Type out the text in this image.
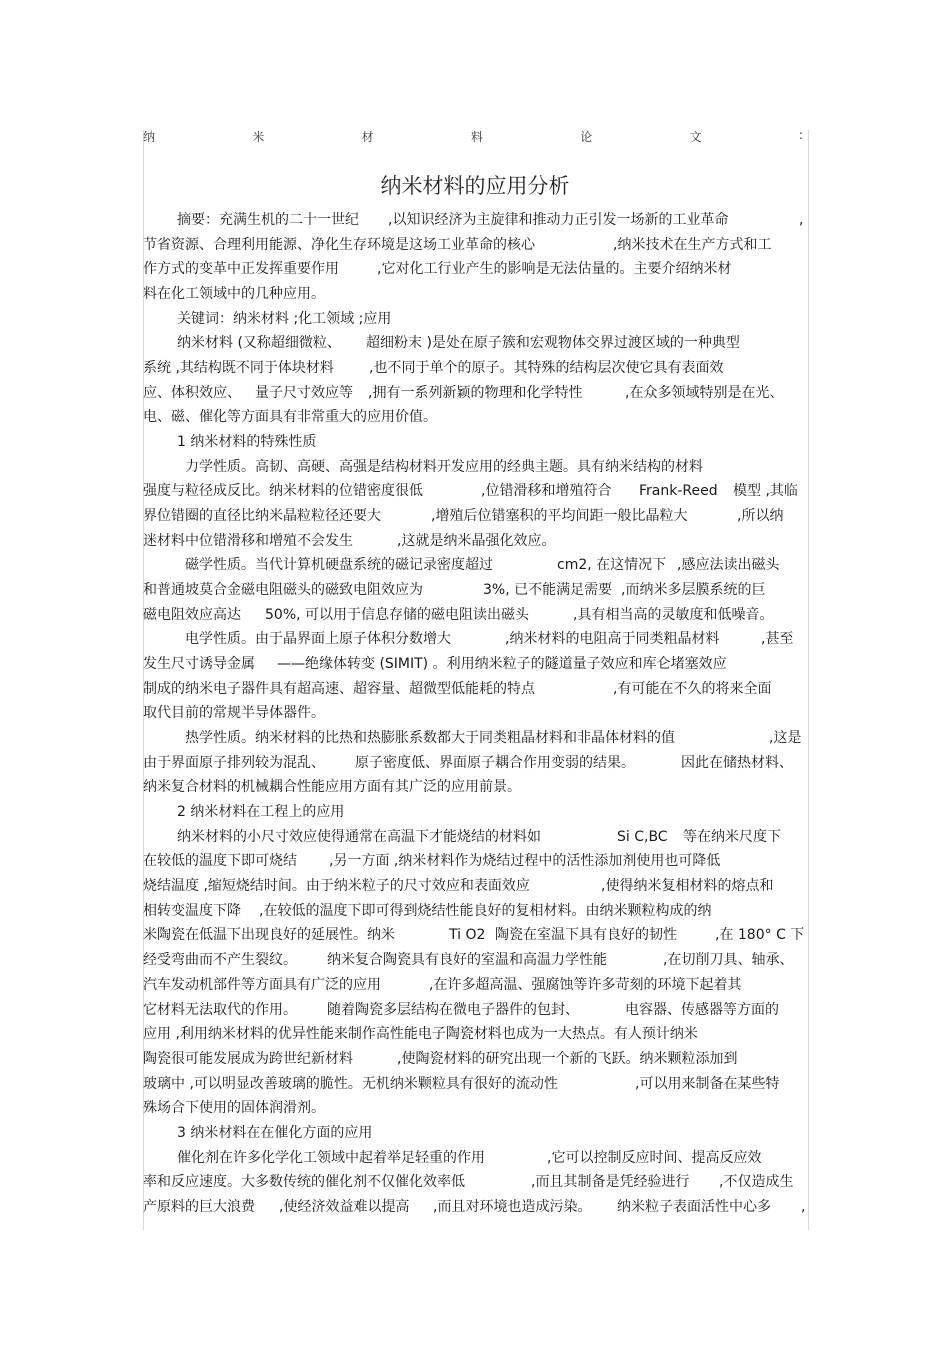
纳	米	材	料	论	文	:
纳米材料的应用分析
摘要：充满生机的二十一世纪 ,以知识经济为主旋律和推动力正引发一场新的工业革命	,
节省资源、合理利用能源、净化生存环境是这场工业革命的核心	,纳米技术在生产方式和工
作方式的变革中正发挥重要作用	,它对化工行业产生的影响是无法估量的。主要介绍纳米材
料在化工领域中的几种应用。
关键词：纳米材料 ;化工领域 ;应用
纳米材料 (又称超细微粒、 超细粉末 )是处在原子簇和宏观物体交界过渡区域的一种典型
系统 ,其结构既不同于体块材料	,也不同于单个的原子。其特殊的结构层次使它具有表面效
应、体积效应、 量子尺寸效应等 ,拥有一系列新颖的物理和化学特性	,在众多领域特别是在光、
电、磁、催化等方面具有非常重大的应用价值。
1 纳米材料的特殊性质
力学性质。高韧、高硬、高强是结构材料开发应用的经典主题。具有纳米结构的材料
强度与粒径成反比。纳米材料的位错密度很低	,位错滑移和增殖符合 Frank-Reed 模型 ,其临
界位错圈的直径比纳米晶粒粒径还要大	,增殖后位错塞积的平均间距一般比晶粒大	,所以纳
迷材料中位错滑移和增殖不会发生	,这就是纳米晶强化效应。
磁学性质。当代计算机硬盘系统的磁记录密度超过	cm2, 在这情况下 ,感应法读出磁头
和普通坡莫合金磁电阻磁头的磁致电阻效应为	3%, 已不能满足需要 ,而纳米多层膜系统的巨
磁电阻效应高达 50%, 可以用于信息存储的磁电阻读出磁头	,具有相当高的灵敏度和低噪音。
电学性质。由于晶界面上原子体积分数增大	,纳米材料的电阻高于同类粗晶材料	,甚至
发生尺寸诱导金属 ——绝缘体转变 (SIMIT) 。利用纳米粒子的隧道量子效应和库仑堵塞效应
制成的纳米电子器件具有超高速、超容量、超微型低能耗的特点	,有可能在不久的将来全面
取代目前的常规半导体器件。
热学性质。纳米材料的比热和热膨胀系数都大于同类粗晶材料和非晶体材料的值	,这是
由于界面原子排列较为混乱、 原子密度低、界面原子耦合作用变弱的结果。	因此在储热材料、
纳米复合材料的机械耦合性能应用方面有其广泛的应用前景。
2 纳米材料在工程上的应用
纳米材料的小尺寸效应使得通常在高温下才能烧结的材料如	Si C,BC 等在纳米尺度下
在较低的温度下即可烧结 ,另一方面 ,纳米材料作为烧结过程中的活性添加剂使用也可降低
烧结温度 ,缩短烧结时间。由于纳米粒子的尺寸效应和表面效应	,使得纳米复相材料的熔点和
相转变温度下降 ,在较低的温度下即可得到烧结性能良好的复相材料。由纳米颗粒构成的纳
米陶瓷在低温下出现良好的延展性。纳米	Ti O2 陶瓷在室温下具有良好的韧性	,在 180° C 下
经受弯曲而不产生裂纹。 纳米复合陶瓷具有良好的室温和高温力学性能	,在切削刀具、轴承、
汽车发动机部件等方面具有广泛的应用	,在许多超高温、强腐蚀等许多苛刻的环境下起着其
它材料无法取代的作用。 随着陶瓷多层结构在微电子器件的包封、	电容器、传感器等方面的
应用 ,利用纳米材料的优异性能来制作高性能电子陶瓷材料也成为一大热点。有人预计纳米
陶瓷很可能发展成为跨世纪新材料	,使陶瓷材料的研究出现一个新的飞跃。纳米颗粒添加到
玻璃中 ,可以明显改善玻璃的脆性。无机纳米颗粒具有很好的流动性	,可以用来制备在某些特
殊场合下使用的固体润滑剂。
3 纳米材料在在催化方面的应用
催化剂在许多化学化工领域中起着举足轻重的作用	,它可以控制反应时间、提高反应效
率和反应速度。大多数传统的催化剂不仅催化效率低	,而且其制备是凭经验进行 ,不仅造成生
产原料的巨大浪费 ,使经济效益难以提高 ,而且对环境也造成污染。 纳米粒子表面活性中心多 ,
